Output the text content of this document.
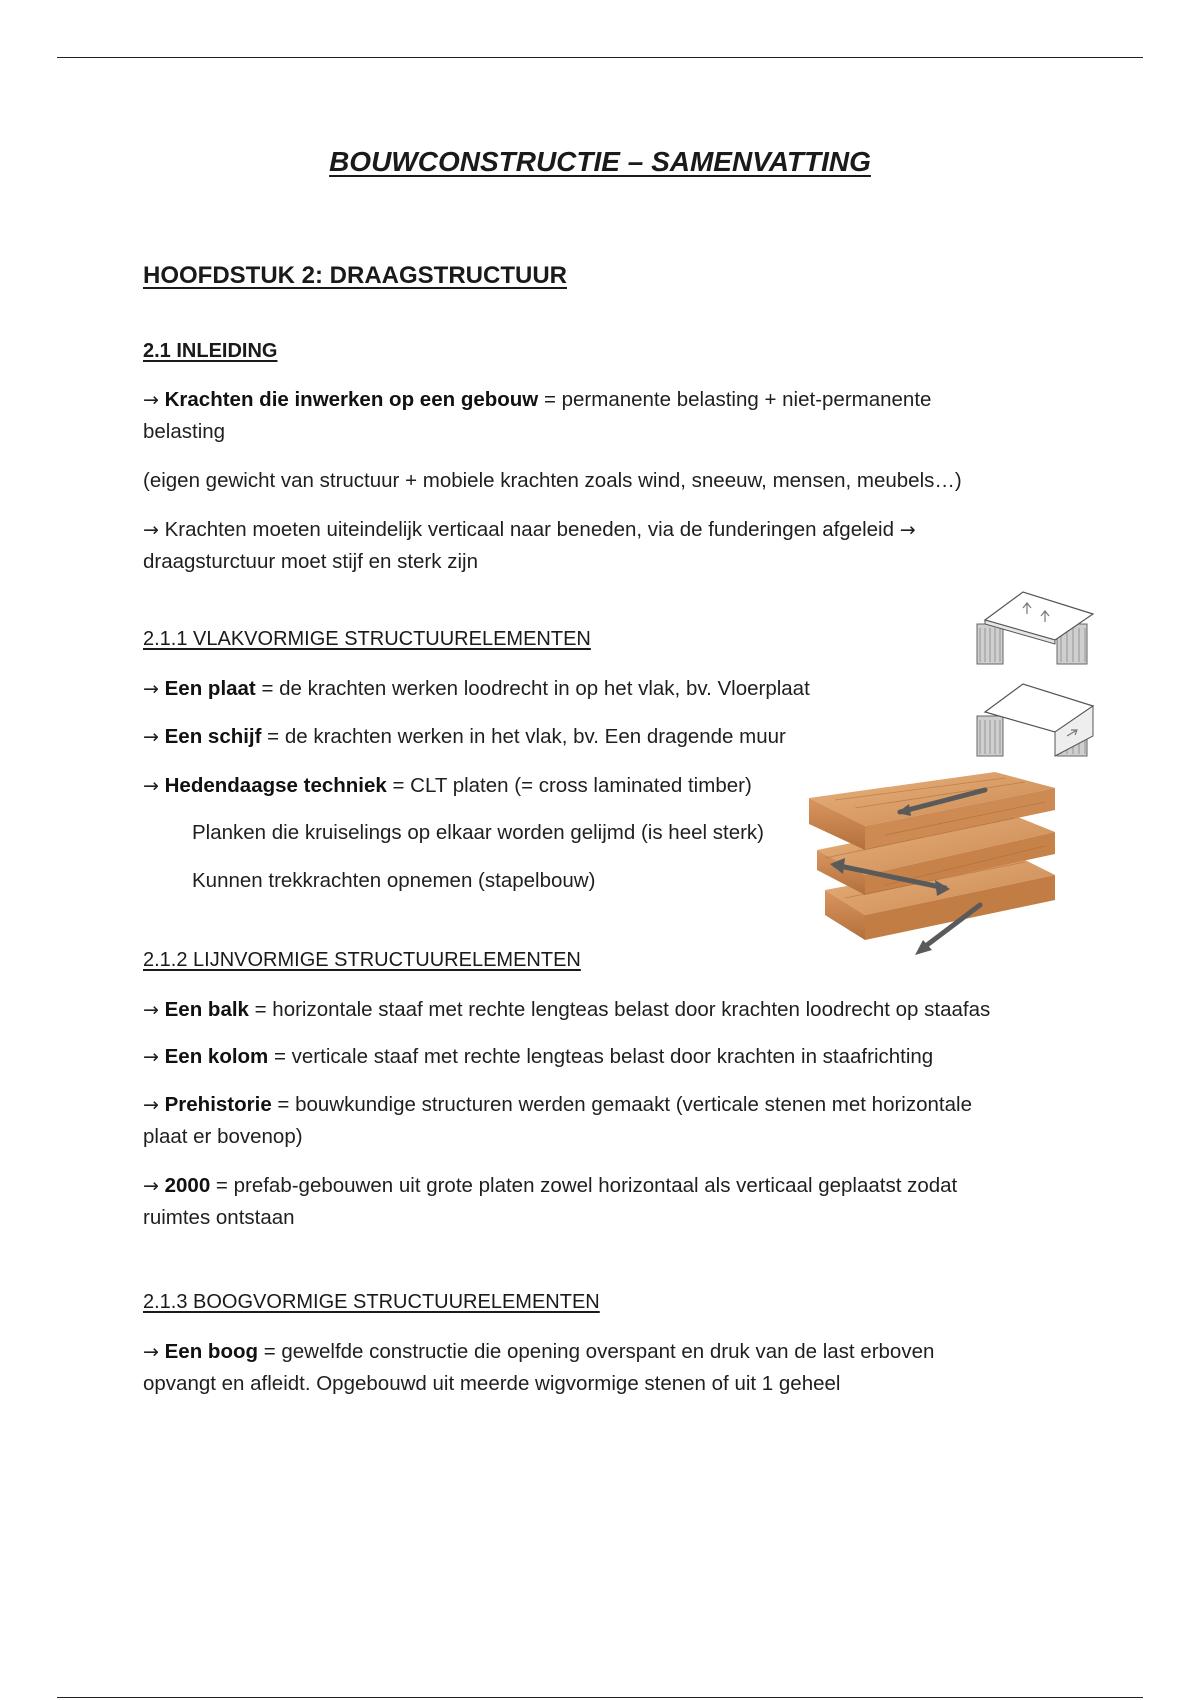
BOUWCONSTRUCTIE – SAMENVATTING
HOOFDSTUK 2: DRAAGSTRUCTUUR
2.1 INLEIDING

→ Krachten die inwerken op een gebouw = permanente belasting + niet-permanente
belasting

(eigen gewicht van structuur + mobiele krachten zoals wind, sneeuw, mensen, meubels…)

→ Krachten moeten uiteindelijk verticaal naar beneden, via de funderingen afgeleid →
draagsturctuur moet stijf en sterk zijn

2.1.1 VLAKVORMIGE STRUCTUURELEMENTEN

→ Een plaat = de krachten werken loodrecht in op het vlak, bv. Vloerplaat

→ Een schijf = de krachten werken in het vlak, bv. Een dragende muur

→ Hedendaagse techniek = CLT platen (= cross laminated timber)

Planken die kruiselings op elkaar worden gelijmd (is heel sterk)

Kunnen trekkrachten opnemen (stapelbouw)

2.1.2 LIJNVORMIGE STRUCTUURELEMENTEN

→ Een balk = horizontale staaf met rechte lengteas belast door krachten loodrecht op staafas

→ Een kolom = verticale staaf met rechte lengteas belast door krachten in staafrichting

→ Prehistorie = bouwkundige structuren werden gemaakt (verticale stenen met horizontale
plaat er bovenop)

→ 2000 = prefab-gebouwen uit grote platen zowel horizontaal als verticaal geplaatst zodat
ruimtes ontstaan

2.1.3 BOOGVORMIGE STRUCTUURELEMENTEN

→ Een boog = gewelfde constructie die opening overspant en druk van de last erboven
opvangt en afleidt. Opgebouwd uit meerde wigvormige stenen of uit 1 geheel
